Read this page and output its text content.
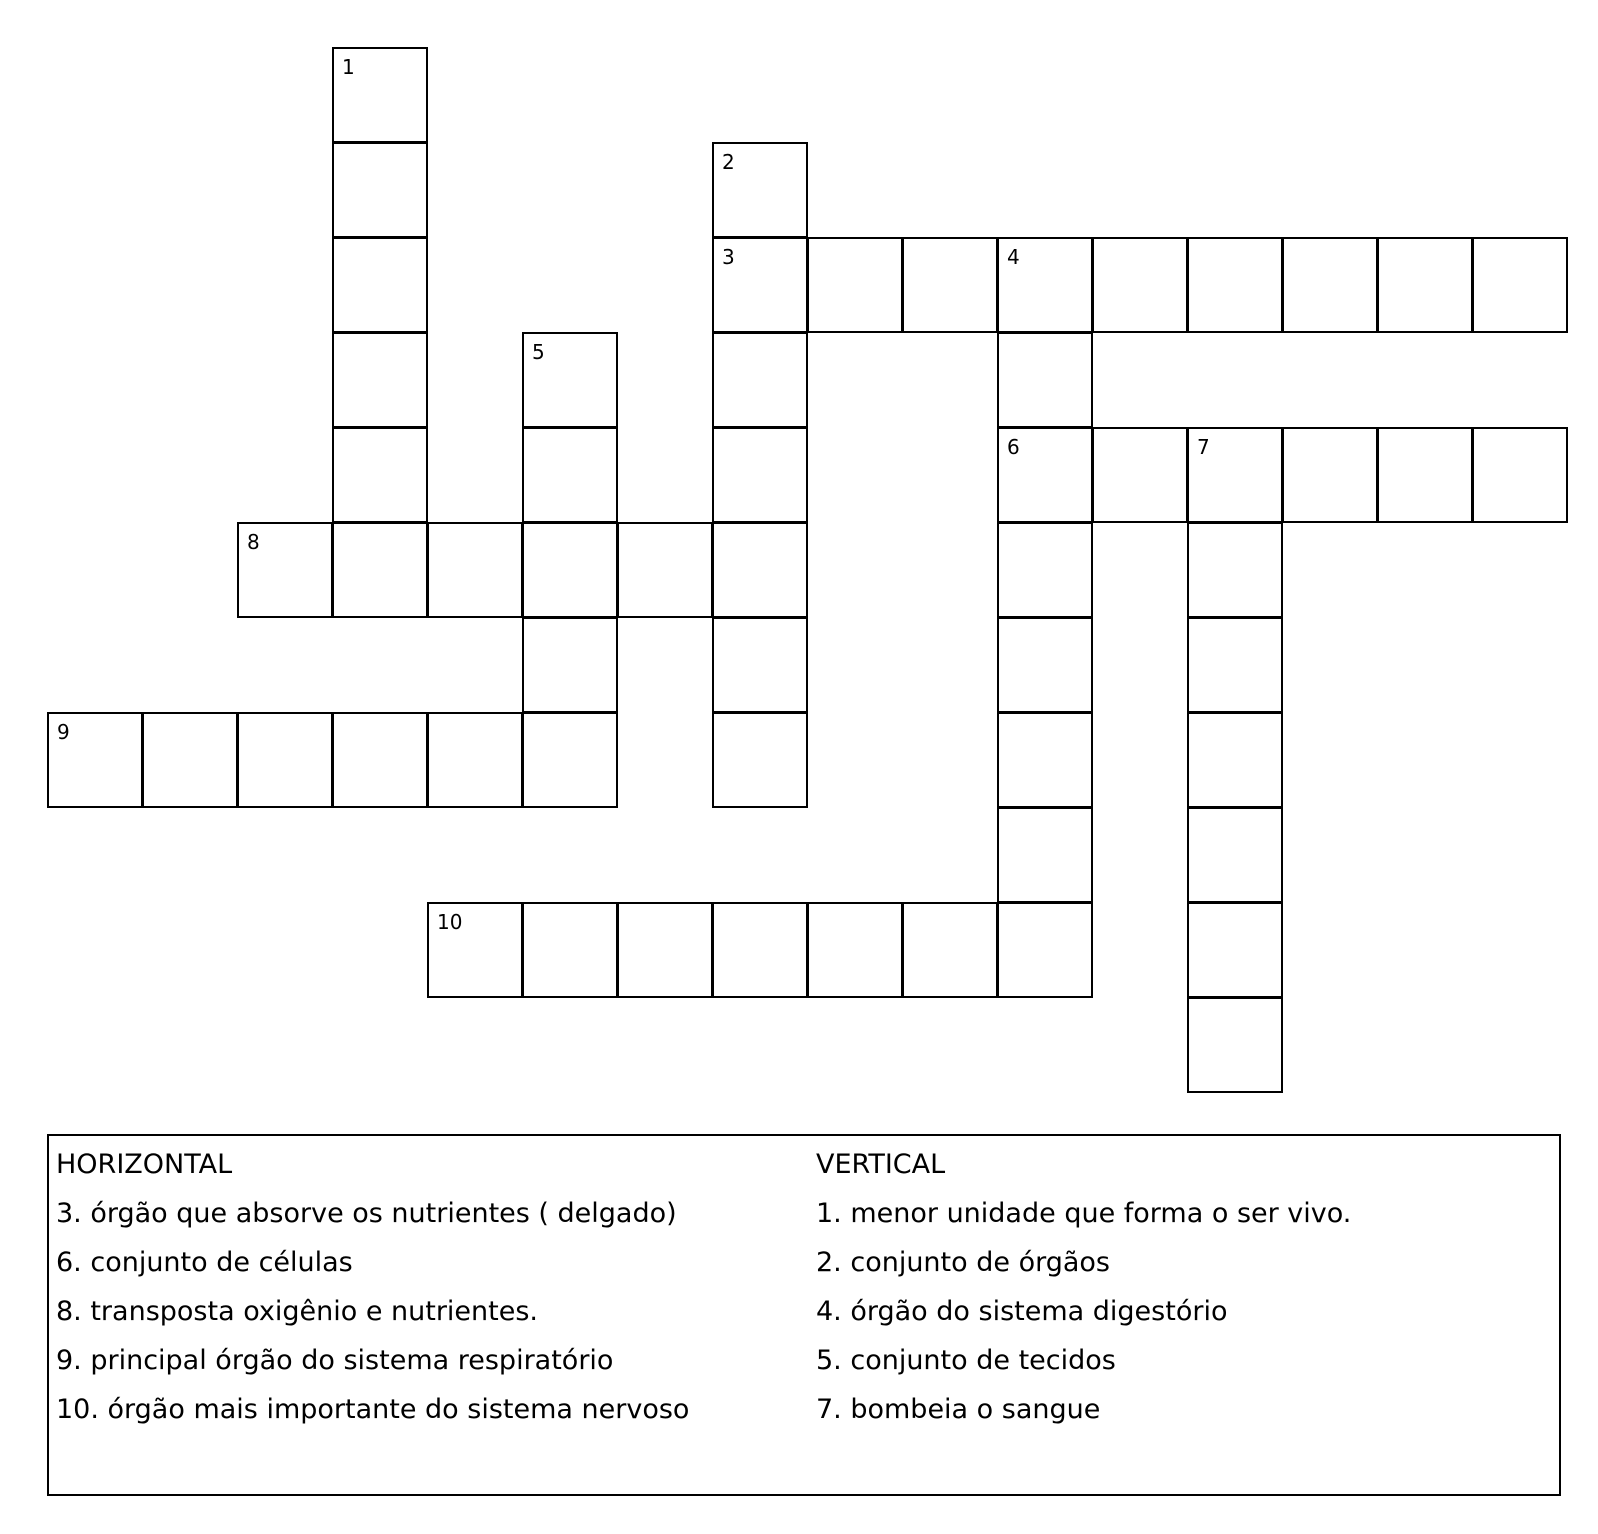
1
2
3	4
5
6	7
8
9
10
HORIZONTAL
3. órgão que absorve os nutrientes ( delgado)
6. conjunto de células
8. transposta oxigênio e nutrientes.
9. principal órgão do sistema respiratório
10. órgão mais importante do sistema nervoso
VERTICAL
1. menor unidade que forma o ser vivo.
2. conjunto de órgãos
4. órgão do sistema digestório
5. conjunto de tecidos
7. bombeia o sangue
